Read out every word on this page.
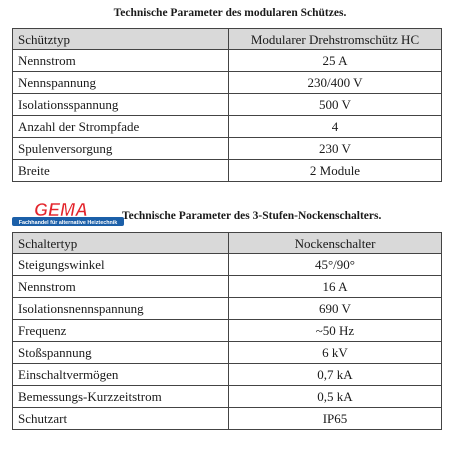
Technische Parameter des modularen Schützes.
Schütztyp	Modularer Drehstromschütz HC
Nennstrom	25 A
Nennspannung	230/400 V
Isolationsspannung	500 V
Anzahl der Strompfade	4
Spulenversorgung	230 V
Breite	2 Module
GEMA
Fachhandel für alternative Heiztechnik
Technische Parameter des 3-Stufen-Nockenschalters.
Schaltertyp	Nockenschalter
Steigungswinkel	45°/90°
Nennstrom	16 A
Isolationsnennspannung	690 V
Frequenz	~50 Hz
Stoßspannung	6 kV
Einschaltvermögen	0,7 kA
Bemessungs-Kurzzeitstrom	0,5 kA
Schutzart	IP65
